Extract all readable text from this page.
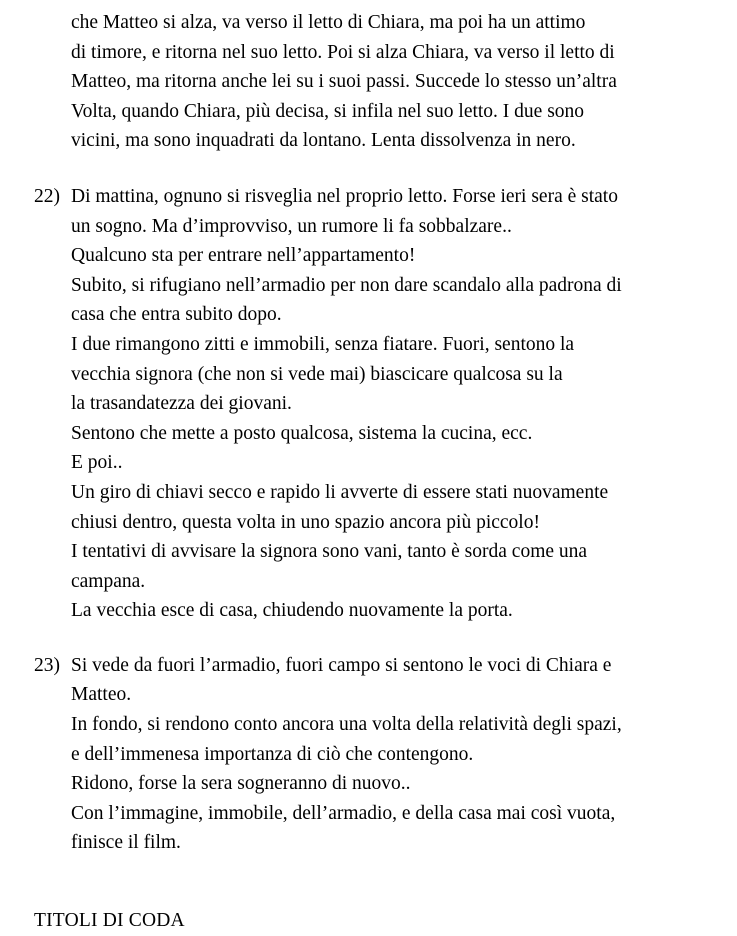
che Matteo si alza, va verso il letto di Chiara, ma poi ha un attimo
di timore, e ritorna nel suo letto. Poi si alza Chiara, va verso il letto di
Matteo, ma ritorna anche lei su i suoi passi. Succede lo stesso un’altra
Volta, quando Chiara, più decisa, si infila nel suo letto. I due sono
vicini, ma sono inquadrati da lontano. Lenta dissolvenza in nero.
22) Di mattina, ognuno si risveglia nel proprio letto. Forse ieri sera è stato
un sogno. Ma d’improvviso, un rumore li fa sobbalzare..
Qualcuno sta per entrare nell’appartamento!
Subito, si rifugiano nell’armadio per non dare scandalo alla padrona di
casa che entra subito dopo.
I due rimangono zitti e immobili, senza fiatare. Fuori, sentono la
vecchia signora (che non si vede mai) biascicare qualcosa su la
la trasandatezza dei giovani.
Sentono che mette a posto qualcosa, sistema la cucina, ecc.
E poi..
Un giro di chiavi secco e rapido li avverte di essere stati nuovamente
chiusi dentro, questa volta in uno spazio ancora più piccolo!
I tentativi di avvisare la signora sono vani, tanto è sorda come una
campana.
La vecchia esce di casa, chiudendo nuovamente la porta.
23) Si vede da fuori l’armadio, fuori campo si sentono le voci di Chiara e
Matteo.
In fondo, si rendono conto ancora una volta della relatività degli spazi,
e dell’immenesa importanza di ciò che contengono.
Ridono, forse la sera sogneranno di nuovo..
Con l’immagine, immobile, dell’armadio, e della casa mai così vuota,
finisce il film.
TITOLI DI CODA
